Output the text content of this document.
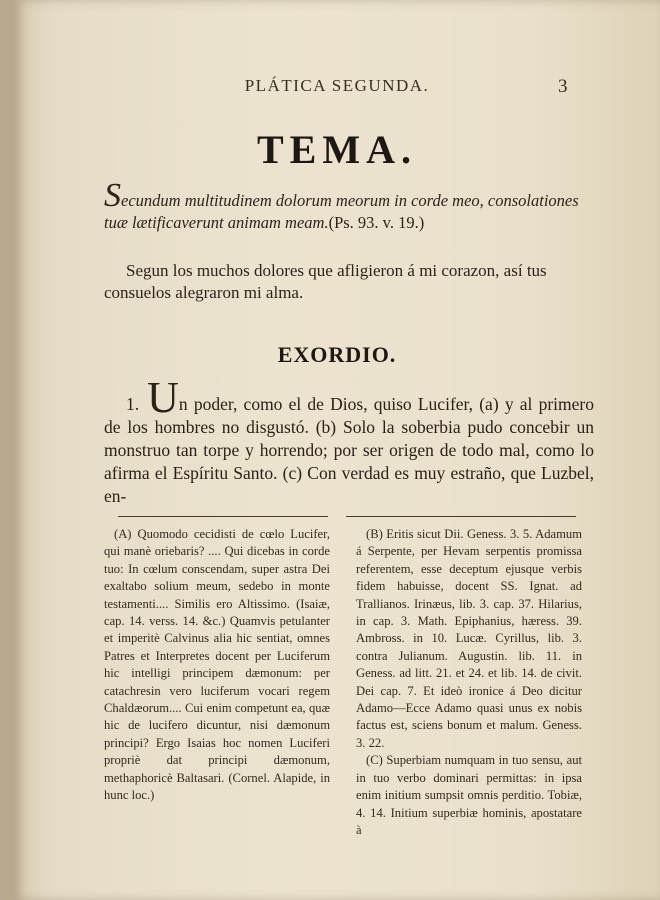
PLÁTICA SEGUNDA.	3
TEMA.
Secundum multitudinem dolorum meorum in corde meo, consolationes tuæ lætificaverunt animam meam.(Ps. 93. v. 19.)
Segun los muchos dolores que afligieron á mi corazon, así tus consuelos alegraron mi alma.
EXORDIO.
1. Un poder, como el de Dios, quiso Lucifer, (a) y al primero de los hombres no disgustó. (b) Solo la soberbia pudo concebir un monstruo tan torpe y horrendo; por ser origen de todo mal, como lo afirma el Espíritu Santo. (c) Con verdad es muy estraño, que Luzbel, en-

(A) Quomodo cecidisti de cœlo Lucifer, qui manè oriebaris? .... Qui dicebas in corde tuo: In cœlum conscendam, super astra Dei exaltabo solium meum, sedebo in monte testamenti.... Similis ero Altissimo. (Isaiæ, cap. 14. verss. 14. &c.) Quamvis petulanter et imperitè Calvinus alia hic sentiat, omnes Patres et Interpretes docent per Luciferum hic intelligi principem dæmonum: per catachresin vero luciferum vocari regem Chaldæorum.... Cui enim competunt ea, quæ hic de lucifero dicuntur, nisi dæmonum principi? Ergo Isaias hoc nomen Luciferi propriè dat principi dæmonum, methaphoricè Baltasari. (Cornel. Alapide, in hunc loc.)

(B) Eritis sicut Dii. Geness. 3. 5. Adamum á Serpente, per Hevam serpentis promissa referentem, esse deceptum ejusque verbis fidem habuisse, docent SS. Ignat. ad Trallianos. Irinæus, lib. 3. cap. 37. Hilarius, in cap. 3. Math. Epiphanius, hæress. 39. Ambross. in 10. Lucæ. Cyrillus, lib. 3. contra Julianum. Augustin. lib. 11. in Geness. ad litt. 21. et 24. et lib. 14. de civit. Dei cap. 7. Et ideò ironice á Deo dicitur Adamo—Ecce Adamo quasi unus ex nobis factus est, sciens bonum et malum. Geness. 3. 22.

(C) Superbiam numquam in tuo sensu, aut in tuo verbo dominari permittas: in ipsa enim initium sumpsit omnis perditio. Tobiæ, 4. 14. Initium superbiæ hominis, apostatare à
